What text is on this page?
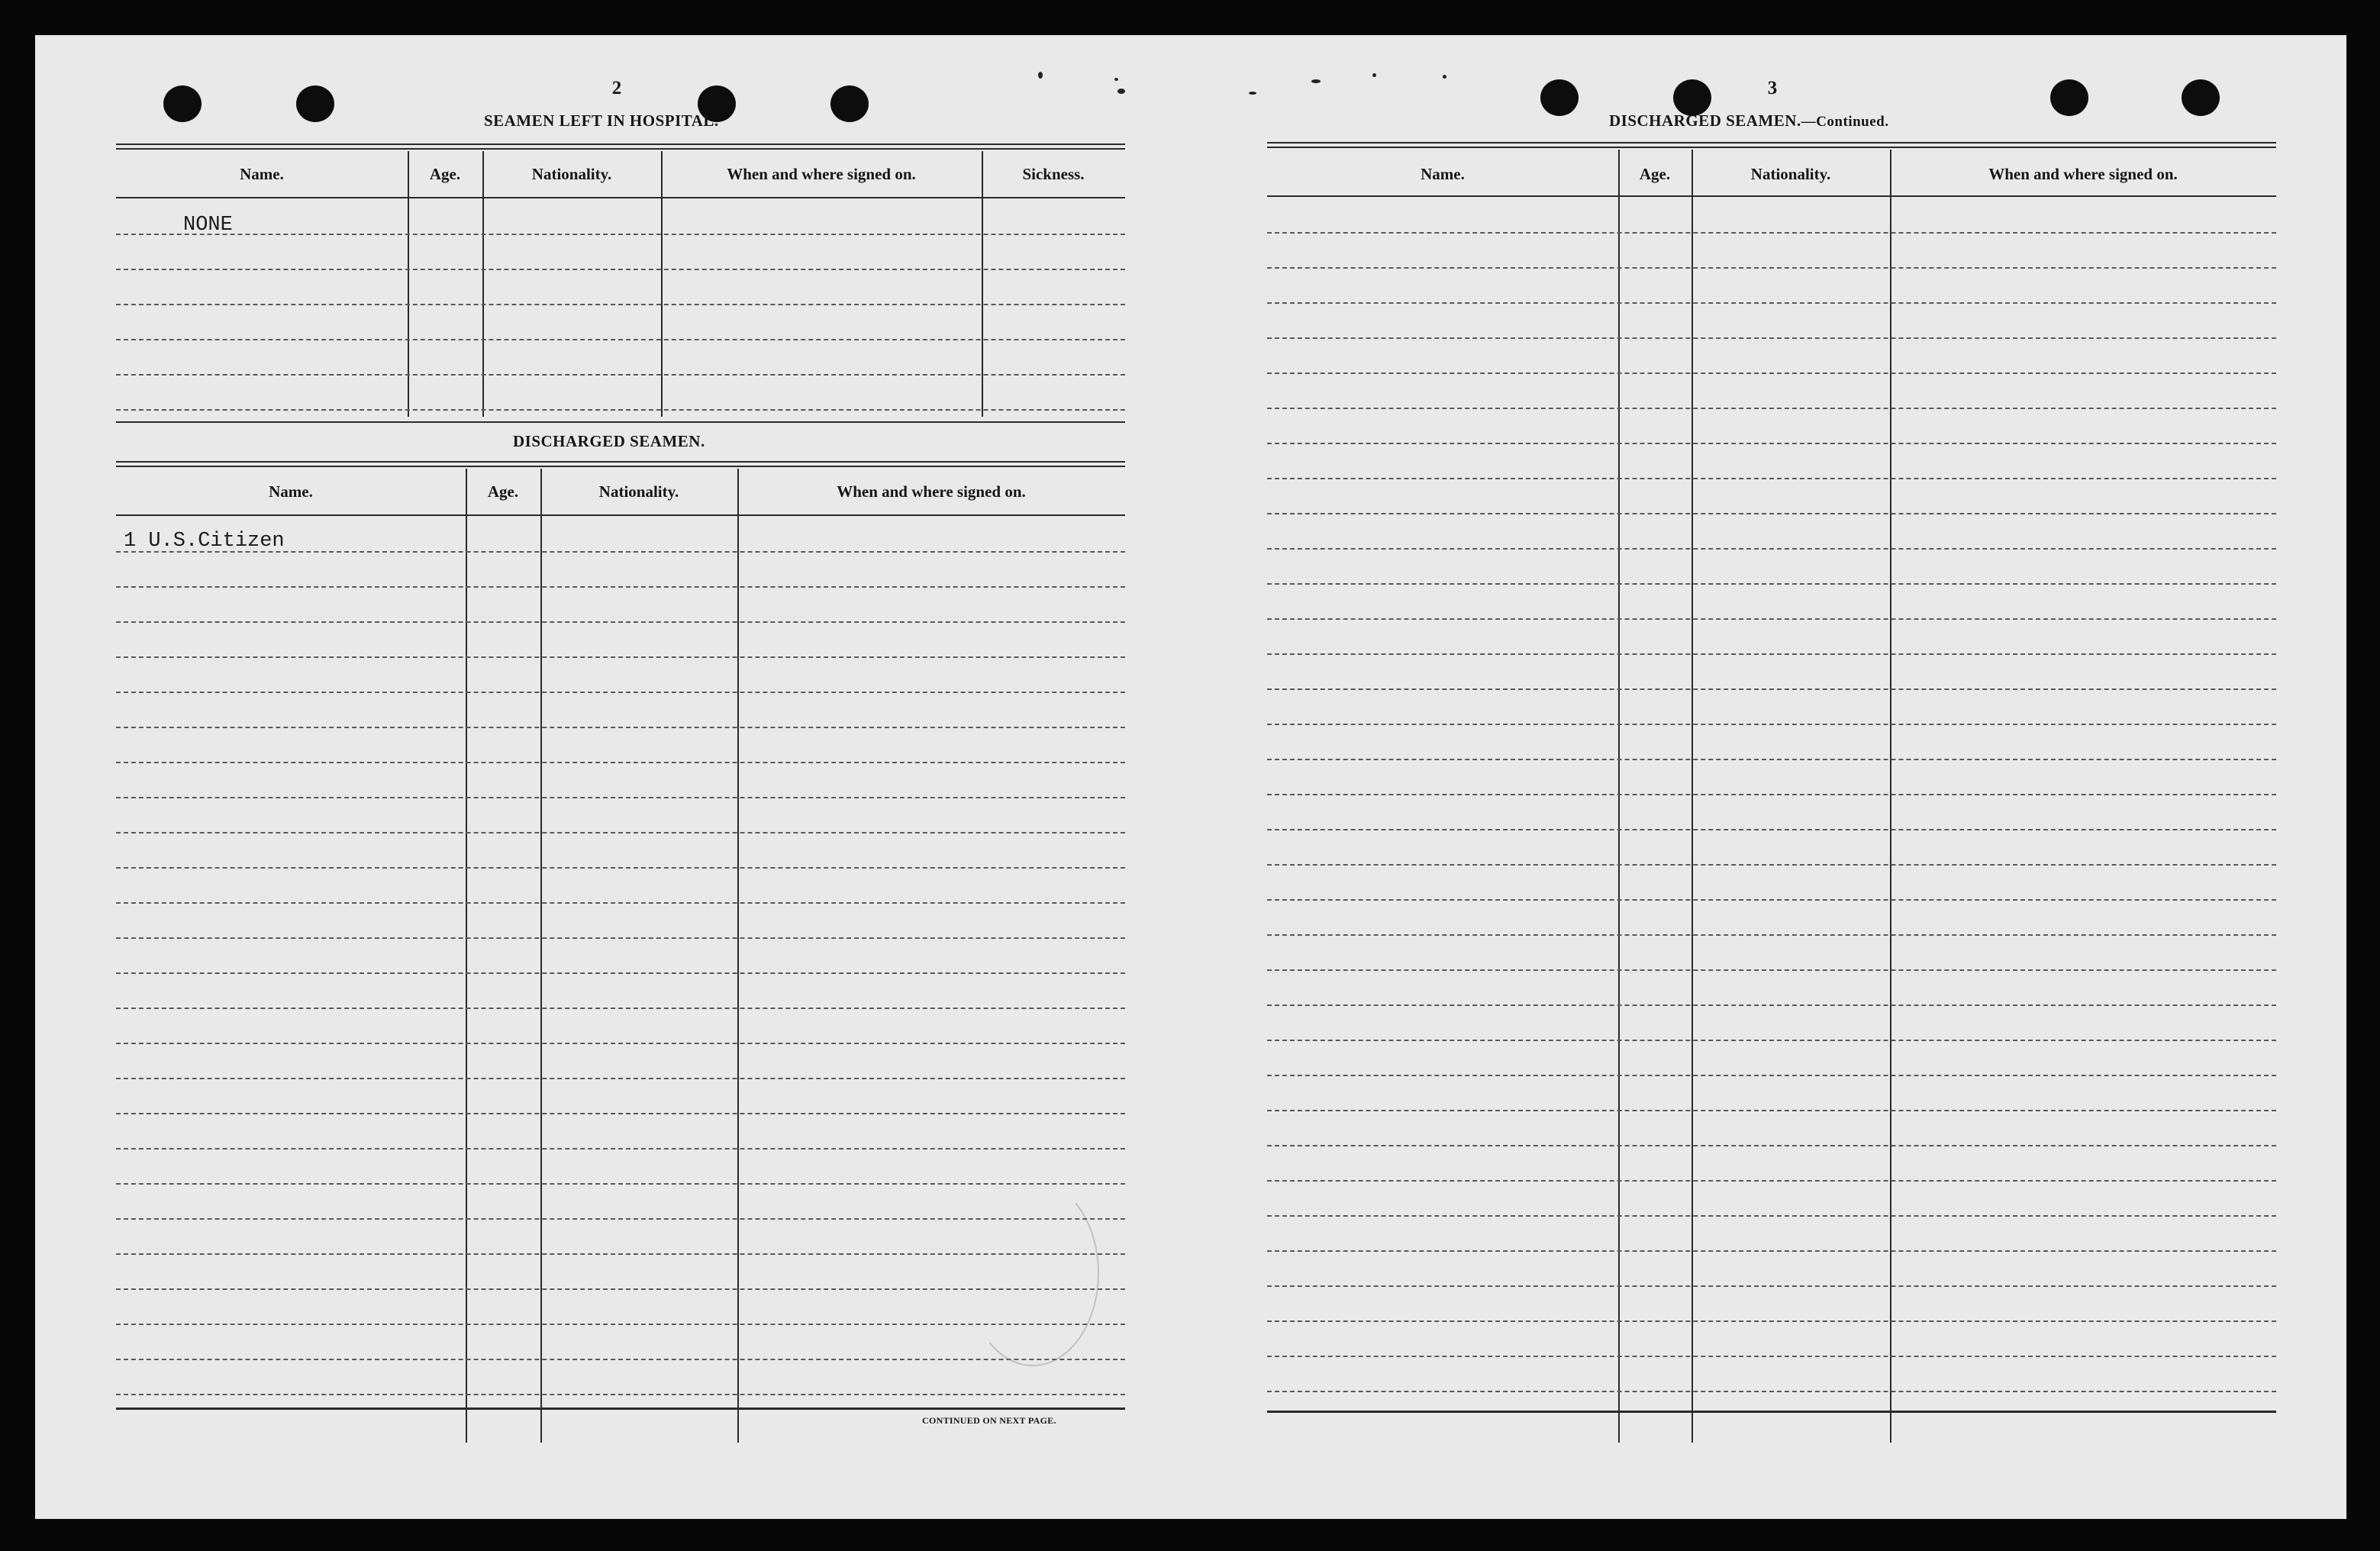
2
SEAMEN LEFT IN HOSPITAL.
Name.	Age.	Nationality.	When and where signed on.	Sickness.
NONE
DISCHARGED SEAMEN.
Name.	Age.	Nationality.	When and where signed on.
1 U.S.Citizen
CONTINUED ON NEXT PAGE.
3
DISCHARGED SEAMEN.—Continued.
Name.	Age.	Nationality.	When and where signed on.
